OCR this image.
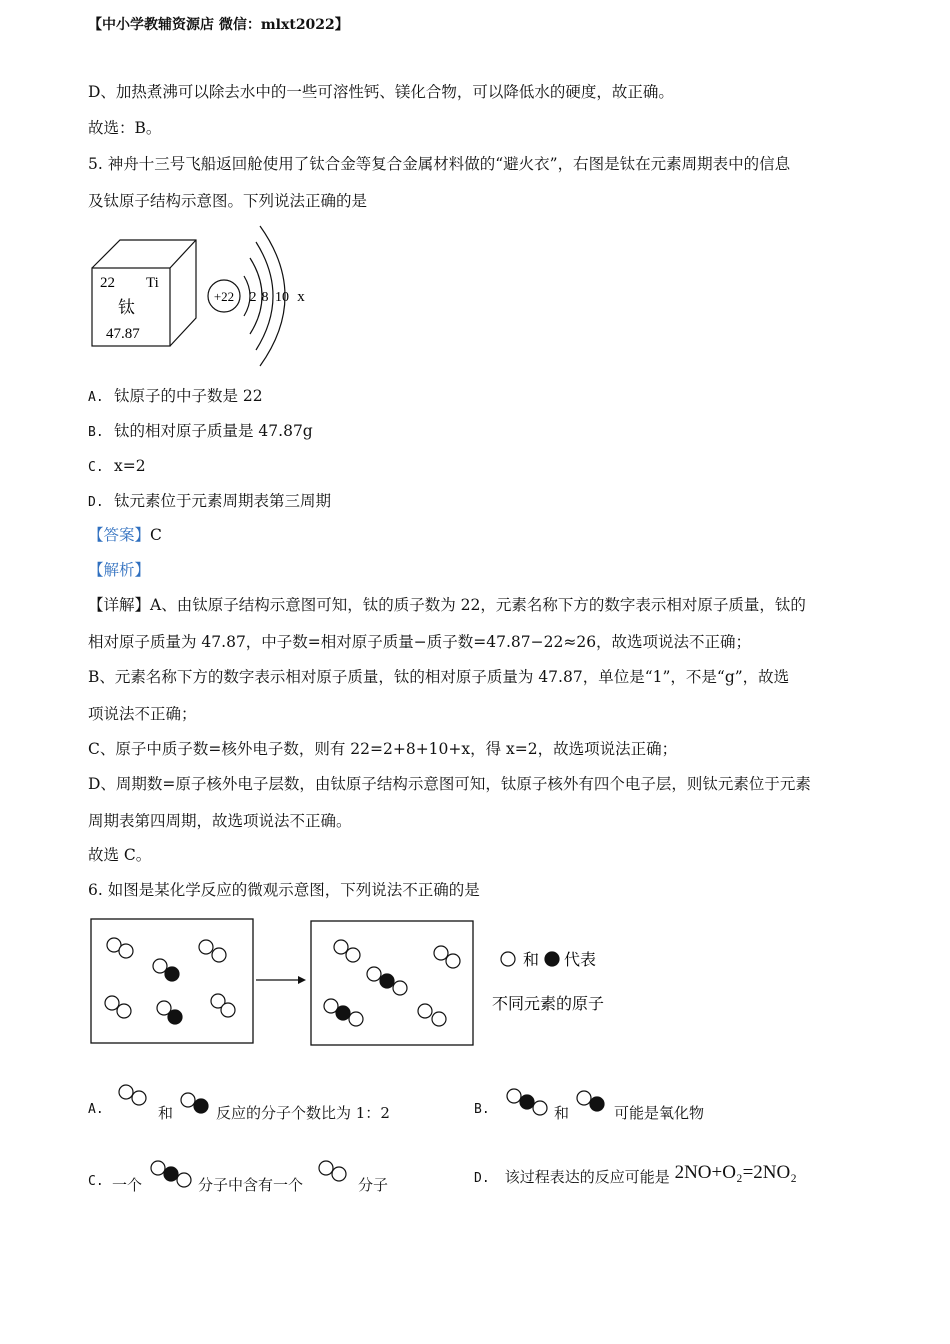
【中小学教辅资源店 微信：mlxt2022】
D、加热煮沸可以除去水中的一些可溶性钙、镁化合物，可以降低水的硬度，故正确。
故选：B。
5. 神舟十三号飞船返回舱使用了钛合金等复合金属材料做的“避火衣”，右图是钛在元素周期表中的信息
及钛原子结构示意图。下列说法正确的是
22 Ti
钛
47.87
+22 2 8 10 x
A. 钛原子的中子数是 22
B. 钛的相对原子质量是 47.87g
C. x=2
D. 钛元素位于元素周期表第三周期
【答案】C
【解析】
【详解】A、由钛原子结构示意图可知，钛的质子数为 22，元素名称下方的数字表示相对原子质量，钛的
相对原子质量为 47.87，中子数=相对原子质量−质子数=47.87−22≈26，故选项说法不正确；
B、元素名称下方的数字表示相对原子质量，钛的相对原子质量为 47.87，单位是“1”，不是“g”，故选
项说法不正确；
C、原子中质子数=核外电子数，则有 22=2+8+10+x，得 x=2，故选项说法正确；
D、周期数=原子核外电子层数，由钛原子结构示意图可知，钛原子核外有四个电子层，则钛元素位于元素
周期表第四周期，故选项说法不正确。
故选 C。
6. 如图是某化学反应的微观示意图，下列说法不正确的是
和 代表
不同元素的原子
A.	和	反应的分子个数比为 1：2	B.	和	可能是氧化物
C. 一个	分子中含有一个	分子	D. 该过程表达的反应可能是 2NO+O₂=2NO₂
